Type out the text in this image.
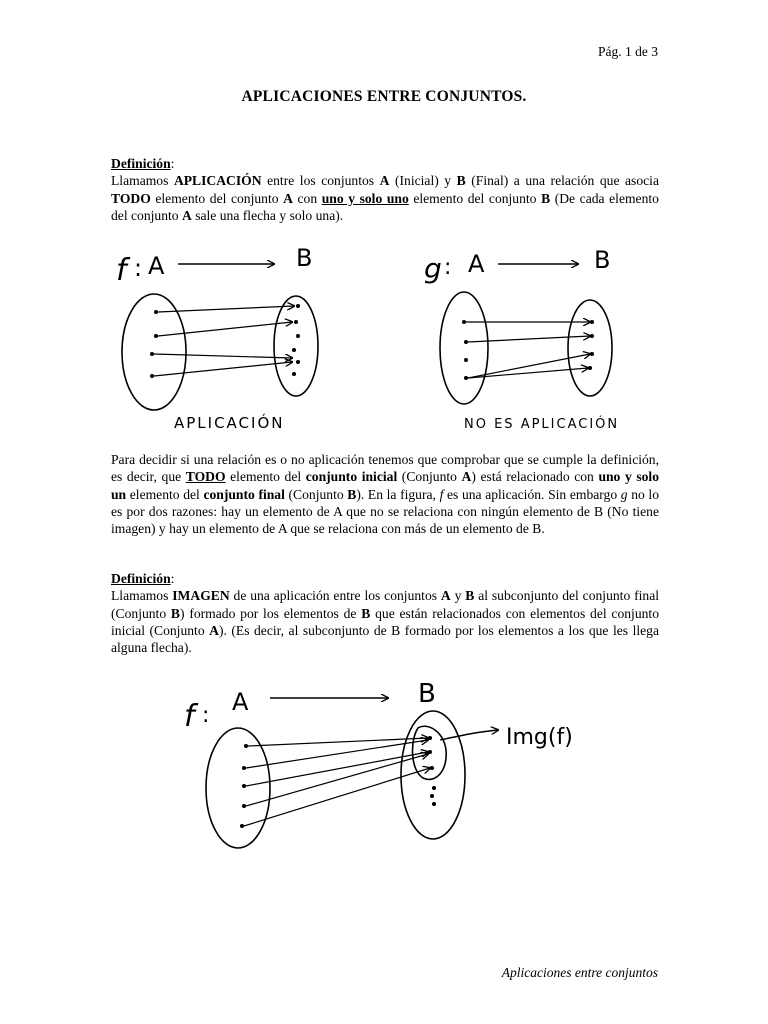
Pág. 1 de 3
APLICACIONES ENTRE CONJUNTOS.
Definición:
Llamamos APLICACIÓN entre los conjuntos A (Inicial) y B (Final) a una relación que asocia TODO elemento del conjunto A con uno y solo uno elemento del conjunto B (De cada elemento del conjunto A sale una flecha y solo una).
f : A	B
APLICACIÓN
g : A	B
NO ES APLICACIÓN
Para decidir si una relación es o no aplicación tenemos que comprobar que se cumple la definición, es decir, que TODO elemento del conjunto inicial (Conjunto A) está relacionado con uno y solo un elemento del conjunto final (Conjunto B). En la figura, f es una aplicación. Sin embargo g no lo es por dos razones: hay un elemento de A que no se relaciona con ningún elemento de B (No tiene imagen) y hay un elemento de A que se relaciona con más de un elemento de B.
Definición:
Llamamos IMAGEN de una aplicación entre los conjuntos A y B al subconjunto del conjunto final (Conjunto B) formado por los elementos de B que están relacionados con elementos del conjunto inicial (Conjunto A). (Es decir, al subconjunto de B formado por los elementos a los que les llega alguna flecha).
f : A	B
Img(f)
Aplicaciones entre conjuntos
